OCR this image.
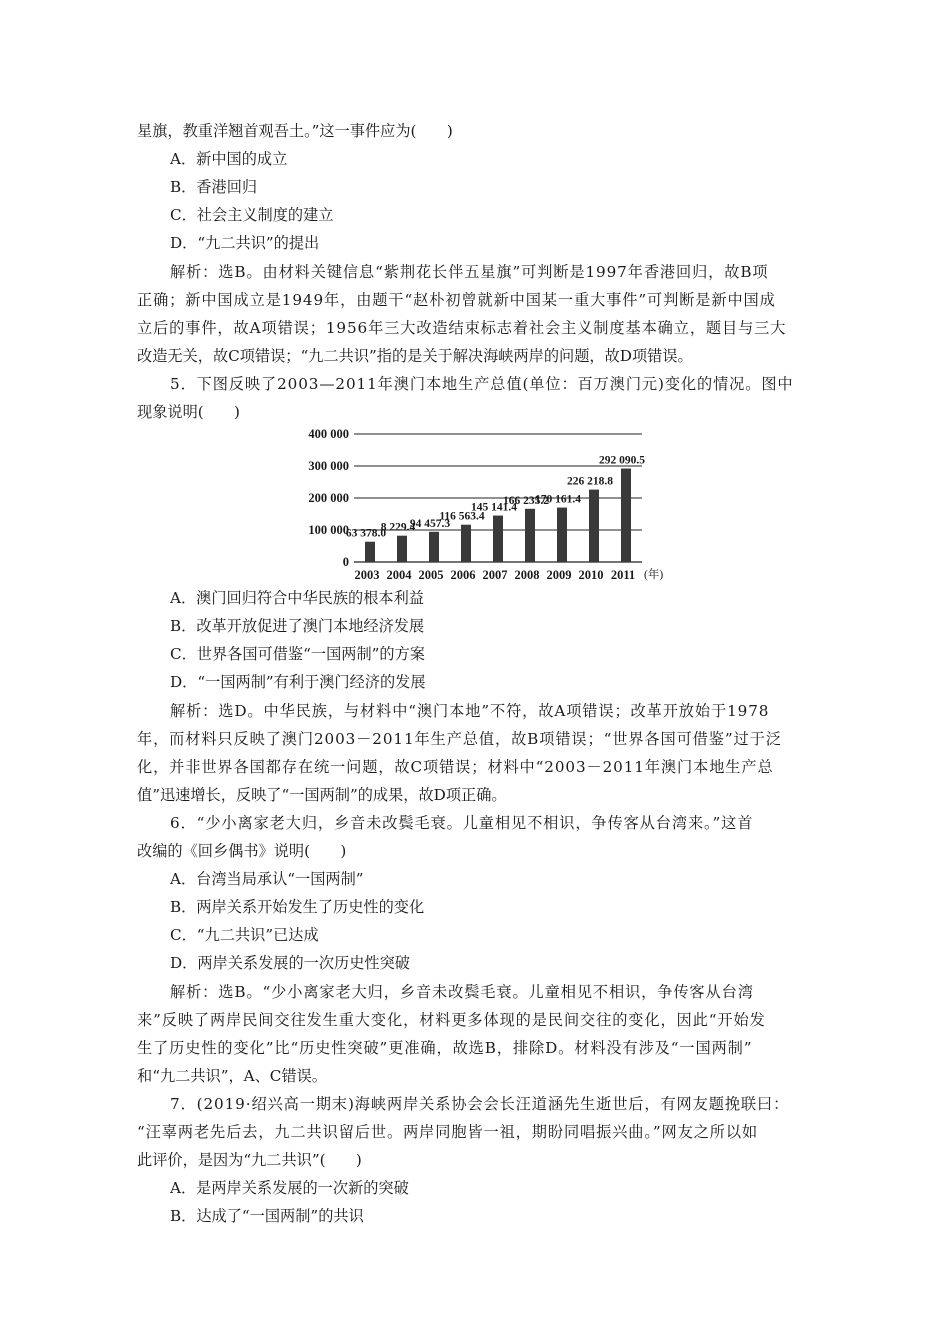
星旗，教重洋翘首观吾土。”这一事件应为(　　)
A．新中国的成立
B．香港回归
C．社会主义制度的建立
D．“九二共识”的提出
解析：选B。由材料关键信息“紫荆花长伴五星旗”可判断是1997年香港回归，故B项
正确；新中国成立是1949年，由题干“赵朴初曾就新中国某一重大事件”可判断是新中国成
立后的事件，故A项错误；1956年三大改造结束标志着社会主义制度基本确立，题目与三大
改造无关，故C项错误；“九二共识”指的是关于解决海峡两岸的问题，故D项错误。
5．下图反映了2003—2011年澳门本地生产总值(单位：百万澳门元)变化的情况。图中
现象说明(　　)
400 000
300 000
200 000
100 000
0
63 378.0
8 229.4
94 457.3
116 563.4
145 141.4
166 235.2
170 161.4
226 218.8
292 090.5
2003 2004 2005 2006 2007 2008 2009 2010 2011 (年)
A．澳门回归符合中华民族的根本利益
B．改革开放促进了澳门本地经济发展
C．世界各国可借鉴“一国两制”的方案
D．“一国两制”有利于澳门经济的发展
解析：选D。中华民族，与材料中“澳门本地”不符，故A项错误；改革开放始于1978
年，而材料只反映了澳门2003－2011年生产总值，故B项错误；“世界各国可借鉴”过于泛
化，并非世界各国都存在统一问题，故C项错误；材料中“2003－2011年澳门本地生产总
值”迅速增长，反映了“一国两制”的成果，故D项正确。
6．“少小离家老大归，乡音未改鬓毛衰。儿童相见不相识，争传客从台湾来。”这首
改编的《回乡偶书》说明(　　)
A．台湾当局承认“一国两制”
B．两岸关系开始发生了历史性的变化
C．“九二共识”已达成
D．两岸关系发展的一次历史性突破
解析：选B。“少小离家老大归，乡音未改鬓毛衰。儿童相见不相识，争传客从台湾
来”反映了两岸民间交往发生重大变化，材料更多体现的是民间交往的变化，因此“开始发
生了历史性的变化”比“历史性突破”更准确，故选B，排除D。材料没有涉及“一国两制”
和“九二共识”，A、C错误。
7．(2019·绍兴高一期末)海峡两岸关系协会会长汪道涵先生逝世后，有网友题挽联曰：
“汪辜两老先后去，九二共识留后世。两岸同胞皆一祖，期盼同唱振兴曲。”网友之所以如
此评价，是因为“九二共识”(　　)
A．是两岸关系发展的一次新的突破
B．达成了“一国两制”的共识
